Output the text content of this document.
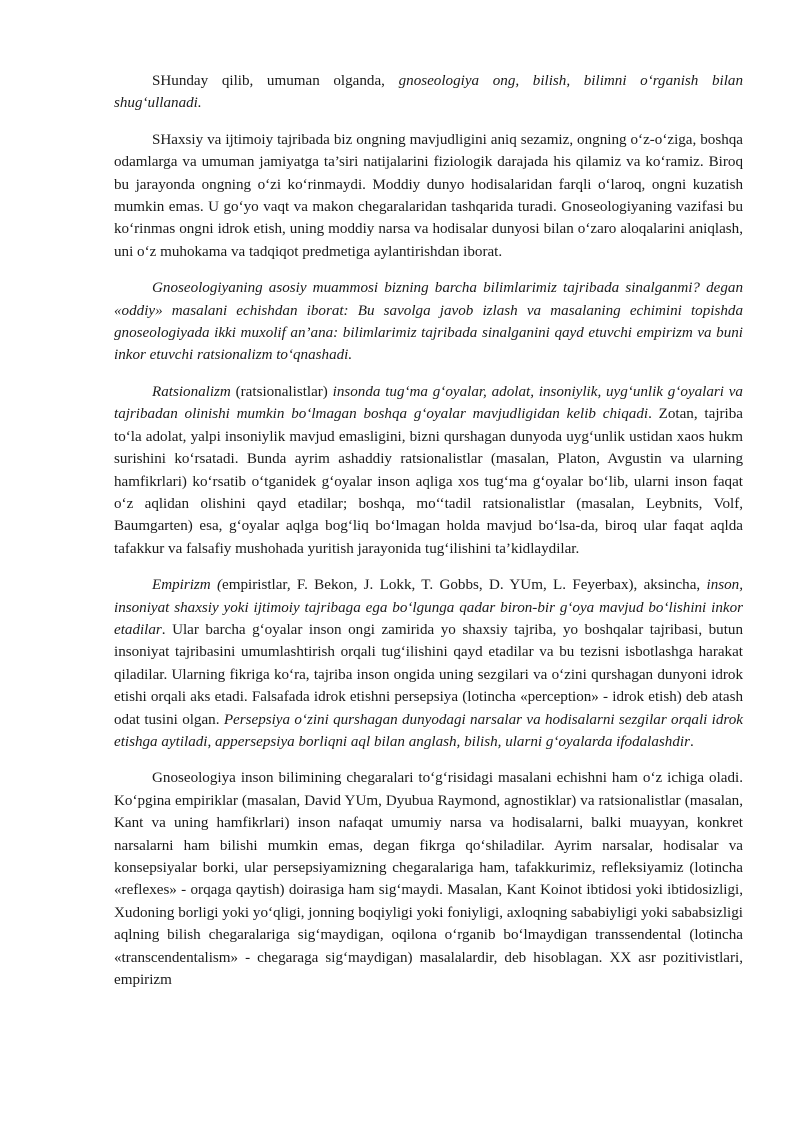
SHunday qilib, umuman olganda, gnoseologiya ong, bilish, bilimni o‘rganish bilan shug‘ullanadi.

SHaxsiy va ijtimoiy tajribada biz ongning mavjudligini aniq sezamiz, ongning o‘z-o‘ziga, boshqa odamlarga va umuman jamiyatga ta’siri natijalarini fiziologik darajada his qilamiz va ko‘ramiz. Biroq bu jarayonda ongning o‘zi ko‘rinmaydi. Moddiy dunyo hodisalaridan farqli o‘laroq, ongni kuzatish mumkin emas. U go‘yo vaqt va makon chegaralaridan tashqarida turadi. Gnoseologiyaning vazifasi bu ko‘rinmas ongni idrok etish, uning moddiy narsa va hodisalar dunyosi bilan o‘zaro aloqalarini aniqlash, uni o‘z muhokama va tadqiqot predmetiga aylantirishdan iborat.

Gnoseologiyaning asosiy muammosi bizning barcha bilimlarimiz tajribada sinalganmi? degan «oddiy» masalani echishdan iborat: Bu savolga javob izlash va masalaning echimini topishda gnoseologiyada ikki muxolif an’ana: bilimlarimiz tajribada sinalganini qayd etuvchi empirizm va buni inkor etuvchi ratsionalizm to‘qnashadi.

Ratsionalizm (ratsionalistlar) insonda tug‘ma g‘oyalar, adolat, insoniylik, uyg‘unlik g‘oyalari va tajribadan olinishi mumkin bo‘lmagan boshqa g‘oyalar mavjudligidan kelib chiqadi. Zotan, tajriba to‘la adolat, yalpi insoniylik mavjud emasligini, bizni qurshagan dunyoda uyg‘unlik ustidan xaos hukm surishini ko‘rsatadi. Bunda ayrim ashaddiy ratsionalistlar (masalan, Platon, Avgustin va ularning hamfikrlari) ko‘rsatib o‘tganidek g‘oyalar inson aqliga xos tug‘ma g‘oyalar bo‘lib, ularni inson faqat o‘z aqlidan olishini qayd etadilar; boshqa, mo‘‘tadil ratsionalistlar (masalan, Leybnits, Volf, Baumgarten) esa, g‘oyalar aqlga bog‘liq bo‘lmagan holda mavjud bo‘lsa-da, biroq ular faqat aqlda tafakkur va falsafiy mushohada yuritish jarayonida tug‘ilishini ta’kidlaydilar.

Empirizm (empiristlar, F. Bekon, J. Lokk, T. Gobbs, D. YUm, L. Feyerbax), aksincha, inson, insoniyat shaxsiy yoki ijtimoiy tajribaga ega bo‘lgunga qadar biron-bir g‘oya mavjud bo‘lishini inkor etadilar. Ular barcha g‘oyalar inson ongi zamirida yo shaxsiy tajriba, yo boshqalar tajribasi, butun insoniyat tajribasini umumlashtirish orqali tug‘ilishini qayd etadilar va bu tezisni isbotlashga harakat qiladilar. Ularning fikriga ko‘ra, tajriba inson ongida uning sezgilari va o‘zini qurshagan dunyoni idrok etishi orqali aks etadi. Falsafada idrok etishni persepsiya (lotincha «perception» - idrok etish) deb atash odat tusini olgan. Persepsiya o‘zini qurshagan dunyodagi narsalar va hodisalarni sezgilar orqali idrok etishga aytiladi, appersepsiya borliqni aql bilan anglash, bilish, ularni g‘oyalarda ifodalashdir.

Gnoseologiya inson bilimining chegaralari to‘g‘risidagi masalani echishni ham o‘z ichiga oladi. Ko‘pgina empiriklar (masalan, David YUm, Dyubua Raymond, agnostiklar) va ratsionalistlar (masalan, Kant va uning hamfikrlari) inson nafaqat umumiy narsa va hodisalarni, balki muayyan, konkret narsalarni ham bilishi mumkin emas, degan fikrga qo‘shiladilar. Ayrim narsalar, hodisalar va konsepsiyalar borki, ular persepsiyamizning chegaralariga ham, tafakkurimiz, refleksiyamiz (lotincha «reflexes» - orqaga qaytish) doirasiga ham sig‘maydi. Masalan, Kant Koinot ibtidosi yoki ibtidosizligi, Xudoning borligi yoki yo‘qligi, jonning boqiyligi yoki foniyligi, axloqning sababiyligi yoki sababsizligi aqlning bilish chegaralariga sig‘maydigan, oqilona o‘rganib bo‘lmaydigan transsendental (lotincha «transcendentalism» - chegaraga sig‘maydigan) masalalardir, deb hisoblagan. XX asr pozitivistlari, empirizm
